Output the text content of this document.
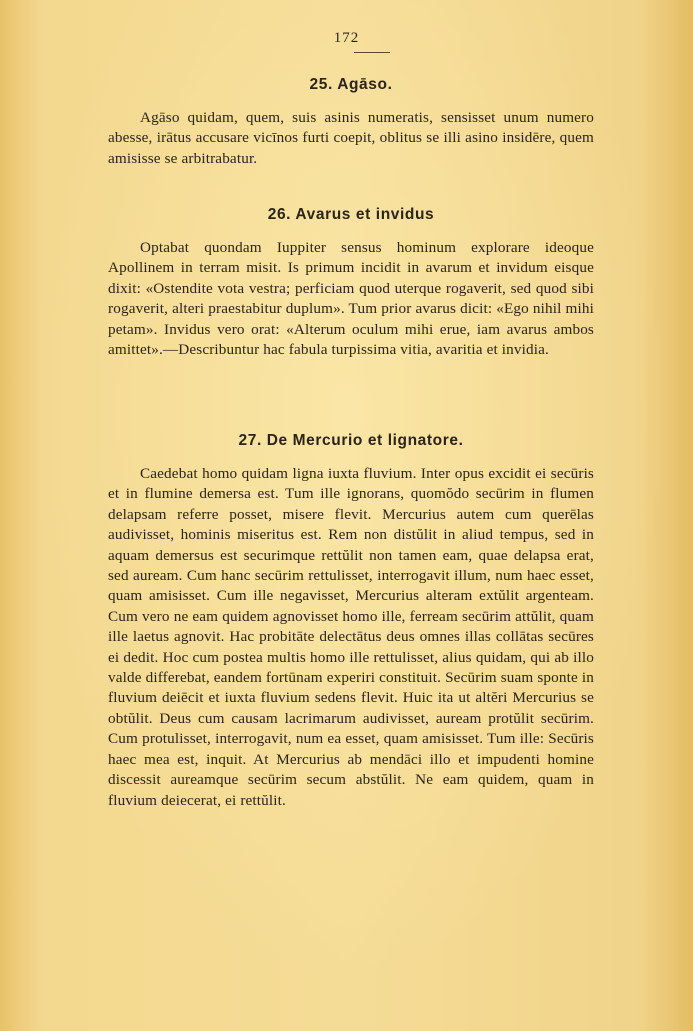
172
25. Agāso.

Agāso quidam, quem, suis asinis numeratis, sensisset unum numero abesse, irātus accusare vicīnos furti coepit, oblitus se illi asino insidēre, quem amisisse se arbitrabatur.

26. Avarus et invidus

Optabat quondam Iuppiter sensus hominum explorare ideoque Apollinem in terram misit. Is primum incidit in avarum et invidum eisque dixit: «Ostendite vota vestra; perficiam quod uterque rogaverit, sed quod sibi rogaverit, alteri praestabitur duplum». Tum prior avarus dicit: «Ego nihil mihi petam». Invidus vero orat: «Alterum oculum mihi erue, iam avarus ambos amittet».—Describuntur hac fabula turpissima vitia, avaritia et invidia.

27. De Mercurio et lignatore.

Caedebat homo quidam ligna iuxta fluvium. Inter opus excidit ei secūris et in flumine demersa est. Tum ille ignorans, quomŏdo secūrim in flumen delapsam referre posset, misere flevit. Mercurius autem cum querēlas audivisset, hominis miseritus est. Rem non distŭlit in aliud tempus, sed in aquam demersus est securimque rettŭlit non tamen eam, quae delapsa erat, sed auream. Cum hanc secūrim rettulisset, interrogavit illum, num haec esset, quam amisisset. Cum ille negavisset, Mercurius alteram extŭlit argenteam. Cum vero ne eam quidem agnovisset homo ille, ferream secūrim attŭlit, quam ille laetus agnovit. Hac probitāte delectātus deus omnes illas collātas secūres ei dedit. Hoc cum postea multis homo ille rettulisset, alius quidam, qui ab illo valde differebat, eandem fortūnam experiri constituit. Secūrim suam sponte in fluvium deiēcit et iuxta fluvium sedens flevit. Huic ita ut altĕri Mercurius se obtŭlit. Deus cum causam lacrimarum audivisset, auream protŭlit secūrim. Cum protulisset, interrogavit, num ea esset, quam amisisset. Tum ille: Secūris haec mea est, inquit. At Mercurius ab mendāci illo et impudenti homine discessit aureamque secūrim secum abstŭlit. Ne eam quidem, quam in fluvium deiecerat, ei rettŭlit.
